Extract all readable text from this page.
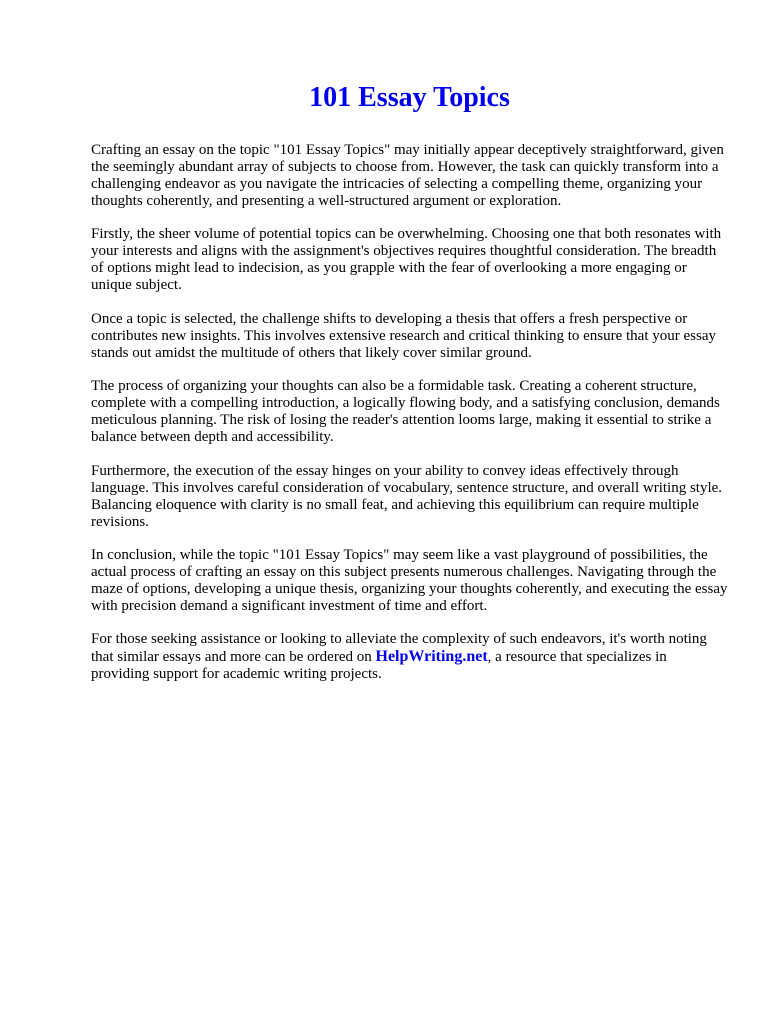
101 Essay Topics

Crafting an essay on the topic "101 Essay Topics" may initially appear deceptively straightforward, given the seemingly abundant array of subjects to choose from. However, the task can quickly transform into a challenging endeavor as you navigate the intricacies of selecting a compelling theme, organizing your thoughts coherently, and presenting a well-structured argument or exploration.

Firstly, the sheer volume of potential topics can be overwhelming. Choosing one that both resonates with your interests and aligns with the assignment's objectives requires thoughtful consideration. The breadth of options might lead to indecision, as you grapple with the fear of overlooking a more engaging or unique subject.

Once a topic is selected, the challenge shifts to developing a thesis that offers a fresh perspective or contributes new insights. This involves extensive research and critical thinking to ensure that your essay stands out amidst the multitude of others that likely cover similar ground.

The process of organizing your thoughts can also be a formidable task. Creating a coherent structure, complete with a compelling introduction, a logically flowing body, and a satisfying conclusion, demands meticulous planning. The risk of losing the reader's attention looms large, making it essential to strike a balance between depth and accessibility.

Furthermore, the execution of the essay hinges on your ability to convey ideas effectively through language. This involves careful consideration of vocabulary, sentence structure, and overall writing style. Balancing eloquence with clarity is no small feat, and achieving this equilibrium can require multiple revisions.

In conclusion, while the topic "101 Essay Topics" may seem like a vast playground of possibilities, the actual process of crafting an essay on this subject presents numerous challenges. Navigating through the maze of options, developing a unique thesis, organizing your thoughts coherently, and executing the essay with precision demand a significant investment of time and effort.

For those seeking assistance or looking to alleviate the complexity of such endeavors, it's worth noting that similar essays and more can be ordered on HelpWriting.net, a resource that specializes in providing support for academic writing projects.
